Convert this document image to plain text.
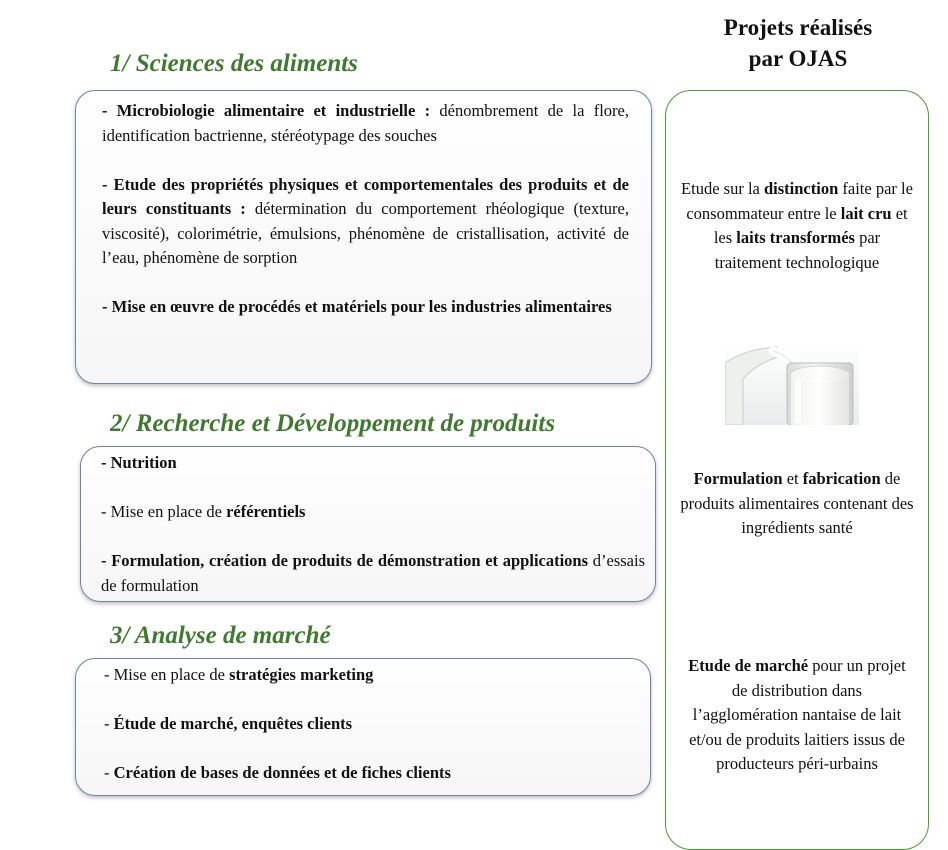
1/ Sciences des aliments

- Microbiologie alimentaire et industrielle : dénombrement de la flore, identification bactrienne, stéréotypage des souches

- Etude des propriétés physiques et comportementales des produits et de leurs constituants : détermination du comportement rhéologique (texture, viscosité), colorimétrie, émulsions, phénomène de cristallisation, activité de l’eau, phénomène de sorption

- Mise en œuvre de procédés et matériels pour les industries alimentaires

2/ Recherche et Développement de produits

- Nutrition

- Mise en place de référentiels

- Formulation, création de produits de démonstration et applications d’essais de formulation

3/ Analyse de marché

- Mise en place de stratégies marketing

- Étude de marché, enquêtes clients

- Création de bases de données et de fiches clients

Projets réalisés
par OJAS

Etude sur la distinction faite par le consommateur entre le lait cru et les laits transformés par traitement technologique

Formulation et fabrication de produits alimentaires contenant des ingrédients santé

Etude de marché pour un projet de distribution dans l’agglomération nantaise de lait et/ou de produits laitiers issus de producteurs péri-urbains
